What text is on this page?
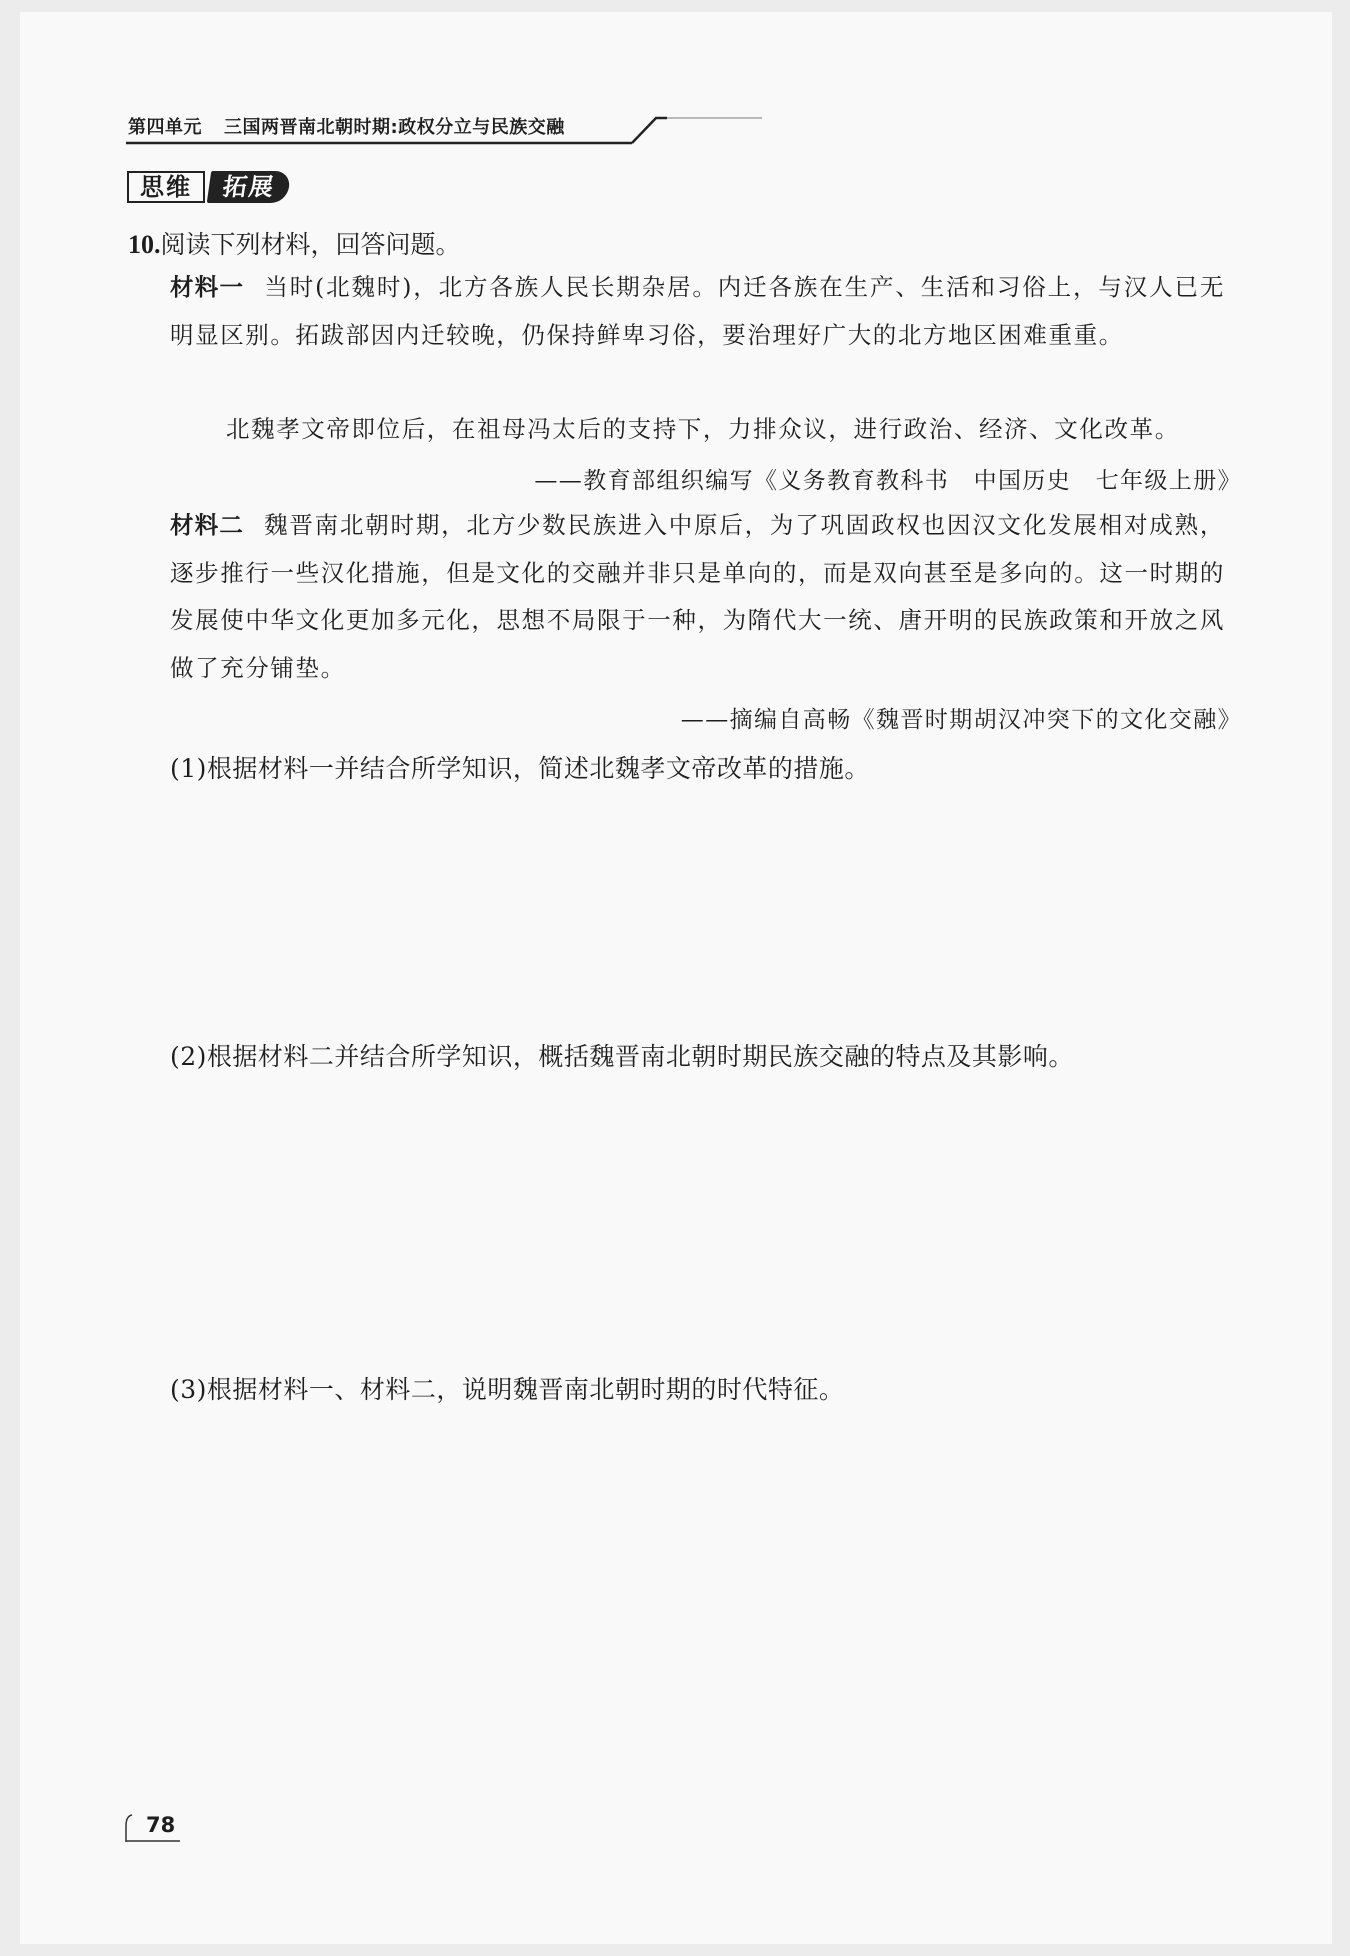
第四单元 三国两晋南北朝时期:政权分立与民族交融
思维	拓展
10.阅读下列材料，回答问题。
材料一 当时(北魏时)，北方各族人民长期杂居。内迁各族在生产、生活和习俗上，与汉人已无明显区别。拓跋部因内迁较晚，仍保持鲜卑习俗，要治理好广大的北方地区困难重重。
北魏孝文帝即位后，在祖母冯太后的支持下，力排众议，进行政治、经济、文化改革。
——教育部组织编写《义务教育教科书　中国历史　七年级上册》
材料二 魏晋南北朝时期，北方少数民族进入中原后，为了巩固政权也因汉文化发展相对成熟，逐步推行一些汉化措施，但是文化的交融并非只是单向的，而是双向甚至是多向的。这一时期的发展使中华文化更加多元化，思想不局限于一种，为隋代大一统、唐开明的民族政策和开放之风做了充分铺垫。
——摘编自高畅《魏晋时期胡汉冲突下的文化交融》
(1)根据材料一并结合所学知识，简述北魏孝文帝改革的措施。
(2)根据材料二并结合所学知识，概括魏晋南北朝时期民族交融的特点及其影响。
(3)根据材料一、材料二，说明魏晋南北朝时期的时代特征。
78
